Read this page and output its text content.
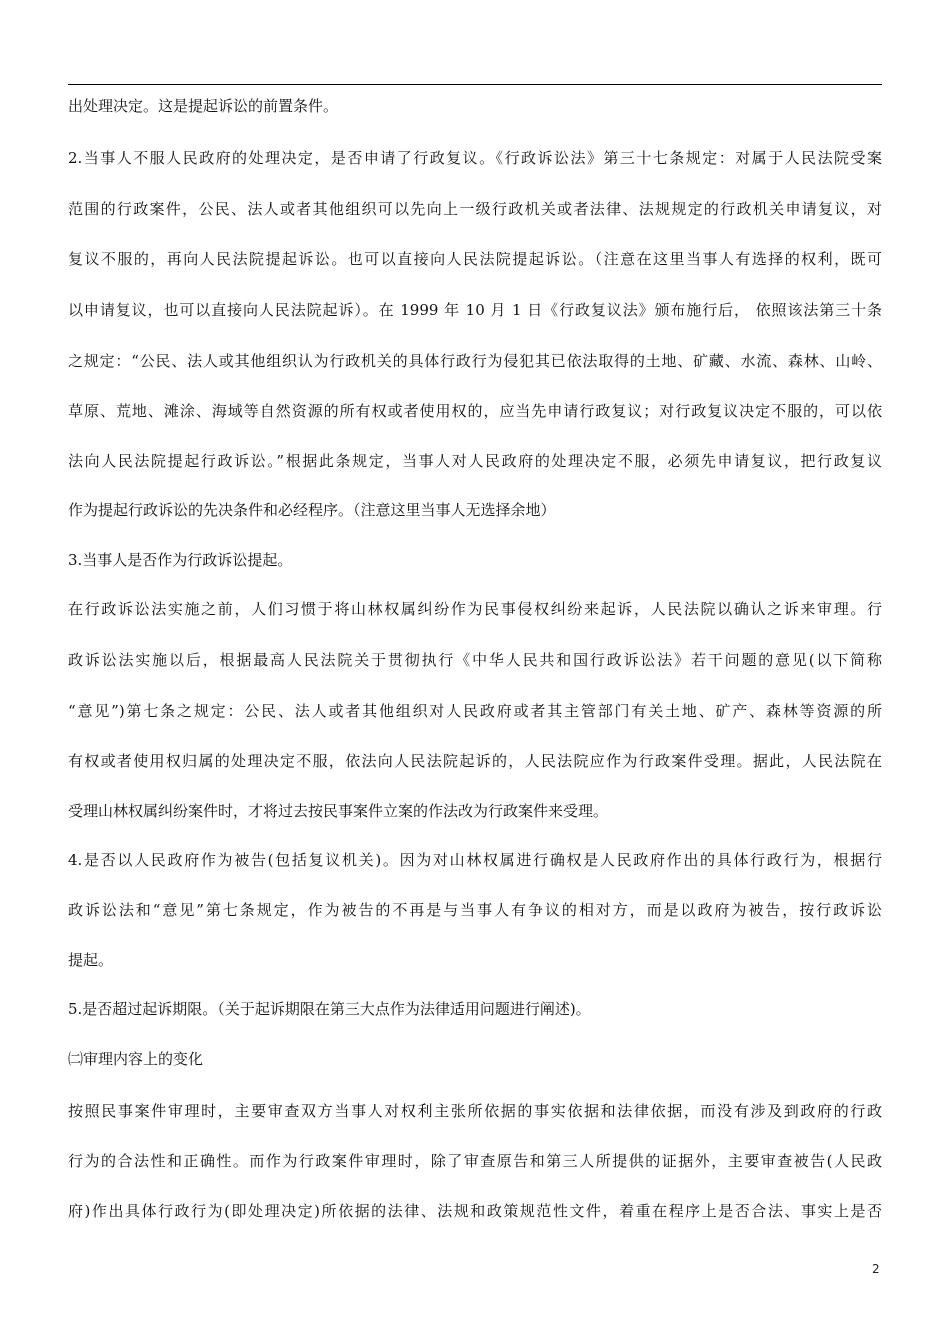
出处理决定。这是提起诉讼的前置条件。
2.当事人不服人民政府的处理决定，是否申请了行政复议。《行政诉讼法》第三十七条规定：对属于人民法院受案
范围的行政案件，公民、法人或者其他组织可以先向上一级行政机关或者法律、法规规定的行政机关申请复议，对
复议不服的，再向人民法院提起诉讼。也可以直接向人民法院提起诉讼。（注意在这里当事人有选择的权利，既可
以申请复议，也可以直接向人民法院起诉）。在 1999 年 10 月 1 日《行政复议法》颁布施行后， 依照该法第三十条
之规定：“公民、法人或其他组织认为行政机关的具体行政行为侵犯其已依法取得的土地、矿藏、水流、森林、山岭、
草原、荒地、滩涂、海域等自然资源的所有权或者使用权的，应当先申请行政复议；对行政复议决定不服的，可以依
法向人民法院提起行政诉讼。”根据此条规定，当事人对人民政府的处理决定不服，必须先申请复议，把行政复议
作为提起行政诉讼的先决条件和必经程序。（注意这里当事人无选择余地）
3.当事人是否作为行政诉讼提起。
在行政诉讼法实施之前，人们习惯于将山林权属纠纷作为民事侵权纠纷来起诉，人民法院以确认之诉来审理。行
政诉讼法实施以后，根据最高人民法院关于贯彻执行《中华人民共和国行政诉讼法》若干问题的意见(以下简称
“意见”)第七条之规定：公民、法人或者其他组织对人民政府或者其主管部门有关土地、矿产、森林等资源的所
有权或者使用权归属的处理决定不服，依法向人民法院起诉的，人民法院应作为行政案件受理。据此，人民法院在
受理山林权属纠纷案件时，才将过去按民事案件立案的作法改为行政案件来受理。
4.是否以人民政府作为被告(包括复议机关)。因为对山林权属进行确权是人民政府作出的具体行政行为，根据行
政诉讼法和“意见”第七条规定，作为被告的不再是与当事人有争议的相对方，而是以政府为被告，按行政诉讼
提起。
5.是否超过起诉期限。（关于起诉期限在第三大点作为法律适用问题进行阐述)。
㈡审理内容上的变化
按照民事案件审理时，主要审查双方当事人对权利主张所依据的事实依据和法律依据，而没有涉及到政府的行政
行为的合法性和正确性。而作为行政案件审理时，除了审查原告和第三人所提供的证据外，主要审查被告(人民政
府)作出具体行政行为(即处理决定)所依据的法律、法规和政策规范性文件，着重在程序上是否合法、事实上是否
2
